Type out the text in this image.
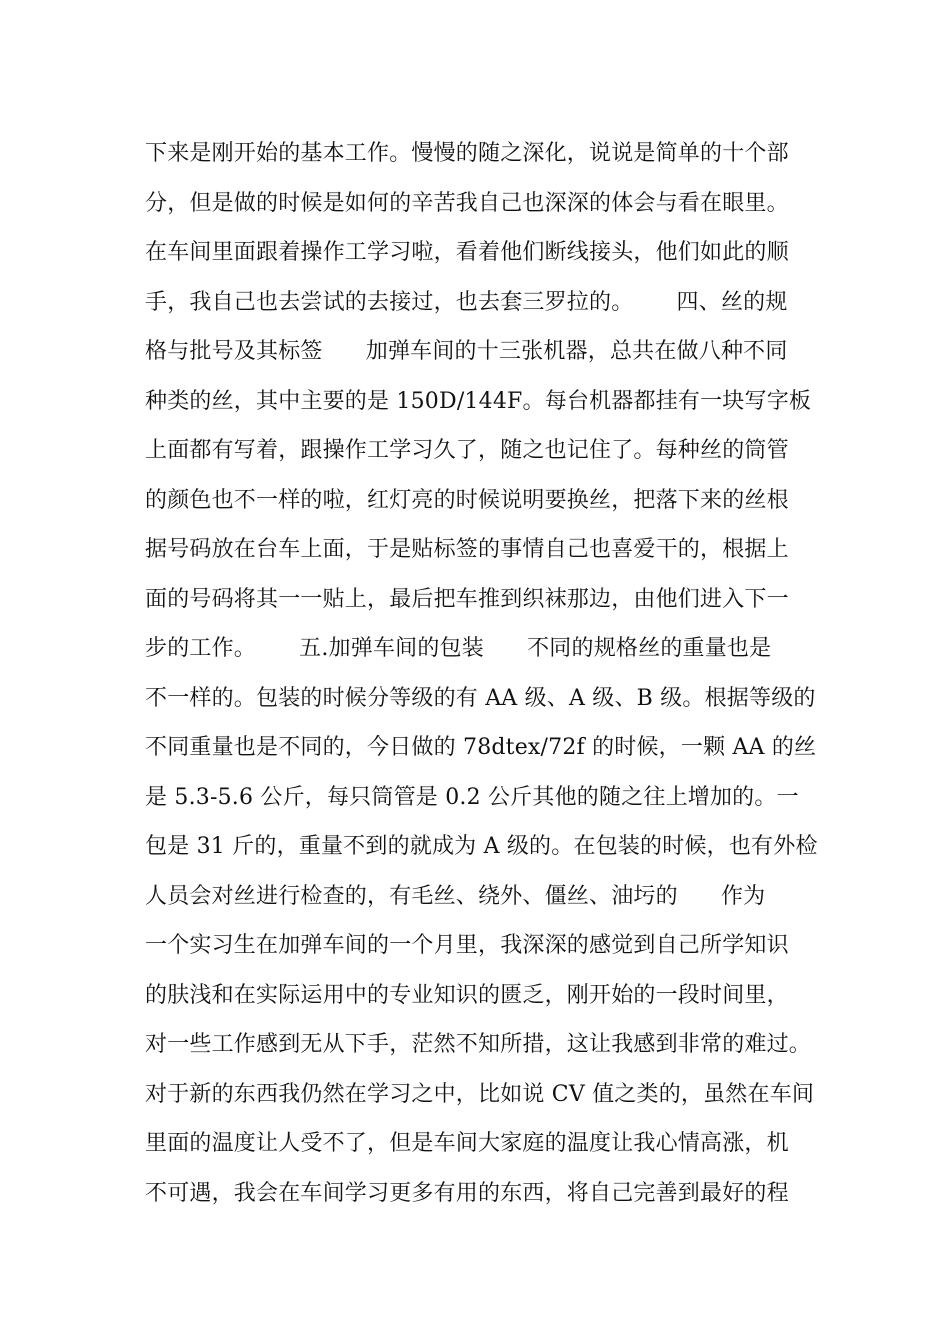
下来是刚开始的基本工作。慢慢的随之深化，说说是简单的十个部
分，但是做的时候是如何的辛苦我自己也深深的体会与看在眼里。
在车间里面跟着操作工学习啦，看着他们断线接头，他们如此的顺
手，我自己也去尝试的去接过，也去套三罗拉的。      四、丝的规
格与批号及其标签      加弹车间的十三张机器，总共在做八种不同
种类的丝，其中主要的是 150D/144F。每台机器都挂有一块写字板
上面都有写着，跟操作工学习久了，随之也记住了。每种丝的筒管
的颜色也不一样的啦，红灯亮的时候说明要换丝，把落下来的丝根
据号码放在台车上面，于是贴标签的事情自己也喜爱干的，根据上
面的号码将其一一贴上，最后把车推到织袜那边，由他们进入下一
步的工作。      五.加弹车间的包装      不同的规格丝的重量也是
不一样的。包装的时候分等级的有 AA 级、A 级、B 级。根据等级的
不同重量也是不同的，今日做的 78dtex/72f 的时候，一颗 AA 的丝
是 5.3-5.6 公斤，每只筒管是 0.2 公斤其他的随之往上增加的。一
包是 31 斤的，重量不到的就成为 A 级的。在包装的时候，也有外检
人员会对丝进行检查的，有毛丝、绕外、僵丝、油圬的      作为
一个实习生在加弹车间的一个月里，我深深的感觉到自己所学知识
的肤浅和在实际运用中的专业知识的匮乏，刚开始的一段时间里，
对一些工作感到无从下手，茫然不知所措，这让我感到非常的难过。
对于新的东西我仍然在学习之中，比如说 CV 值之类的，虽然在车间
里面的温度让人受不了，但是车间大家庭的温度让我心情高涨，机
不可遇，我会在车间学习更多有用的东西，将自己完善到最好的程
